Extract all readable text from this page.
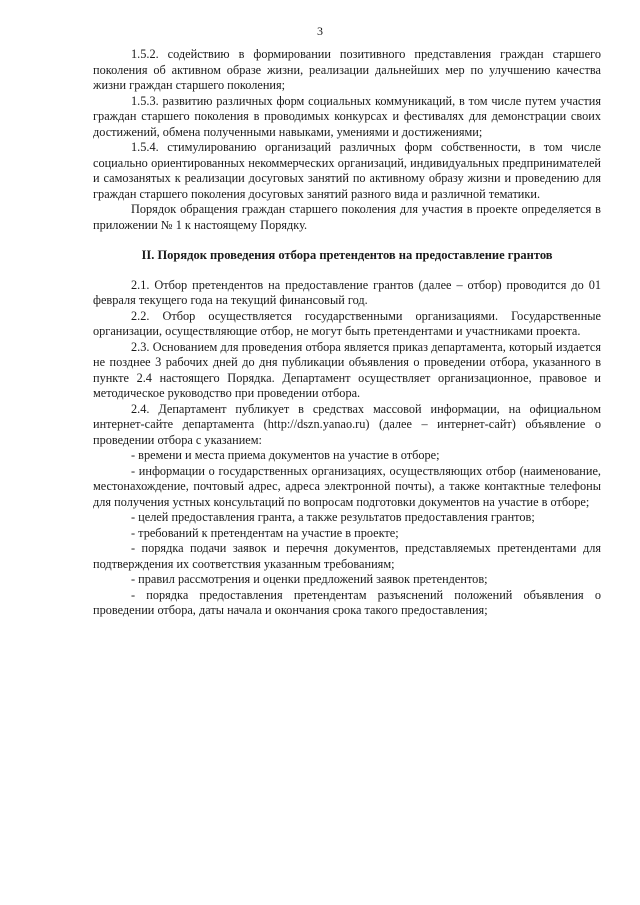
3

1.5.2. содействию в формировании позитивного представления граждан старшего поколения об активном образе жизни, реализации дальнейших мер по улучшению качества жизни граждан старшего поколения;

1.5.3. развитию различных форм социальных коммуникаций, в том числе путем участия граждан старшего поколения в проводимых конкурсах и фестивалях для демонстрации своих достижений, обмена полученными навыками, умениями и достижениями;

1.5.4. стимулированию организаций различных форм собственности, в том числе социально ориентированных некоммерческих организаций, индивидуальных предпринимателей и самозанятых к реализации досуговых занятий по активному образу жизни и проведению для граждан старшего поколения досуговых занятий разного вида и различной тематики.

Порядок обращения граждан старшего поколения для участия в проекте определяется в приложении № 1 к настоящему Порядку.

II. Порядок проведения отбора претендентов на предоставление грантов

2.1. Отбор претендентов на предоставление грантов (далее – отбор) проводится до 01 февраля текущего года на текущий финансовый год.

2.2. Отбор осуществляется государственными организациями. Государственные организации, осуществляющие отбор, не могут быть претендентами и участниками проекта.

2.3. Основанием для проведения отбора является приказ департамента, который издается не позднее 3 рабочих дней до дня публикации объявления о проведении отбора, указанного в пункте 2.4 настоящего Порядка. Департамент осуществляет организационное, правовое и методическое руководство при проведении отбора.

2.4. Департамент публикует в средствах массовой информации, на официальном интернет-сайте департамента (http://dszn.yanao.ru) (далее – интернет-сайт) объявление о проведении отбора с указанием:

- времени и места приема документов на участие в отборе;

- информации о государственных организациях, осуществляющих отбор (наименование, местонахождение, почтовый адрес, адреса электронной почты), а также контактные телефоны для получения устных консультаций по вопросам подготовки документов на участие в отборе;

- целей предоставления гранта, а также результатов предоставления грантов;

- требований к претендентам на участие в проекте;

- порядка подачи заявок и перечня документов, представляемых претендентами для подтверждения их соответствия указанным требованиям;

- правил рассмотрения и оценки предложений заявок претендентов;

- порядка предоставления претендентам разъяснений положений объявления о проведении отбора, даты начала и окончания срока такого предоставления;
